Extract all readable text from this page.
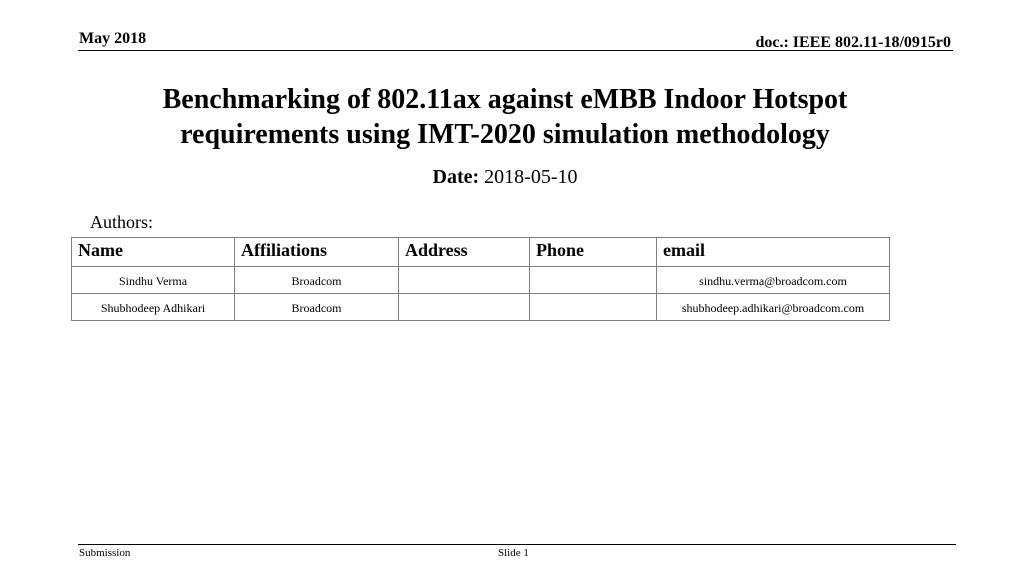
May 2018	doc.: IEEE 802.11-18/0915r0
Benchmarking of 802.11ax against eMBB Indoor Hotspot
requirements using IMT-2020 simulation methodology
Date: 2018-05-10
Authors:
Name	Affiliations	Address	Phone	email
Sindhu Verma	Broadcom			sindhu.verma@broadcom.com
Shubhodeep Adhikari	Broadcom			shubhodeep.adhikari@broadcom.com
Submission	Slide 1
